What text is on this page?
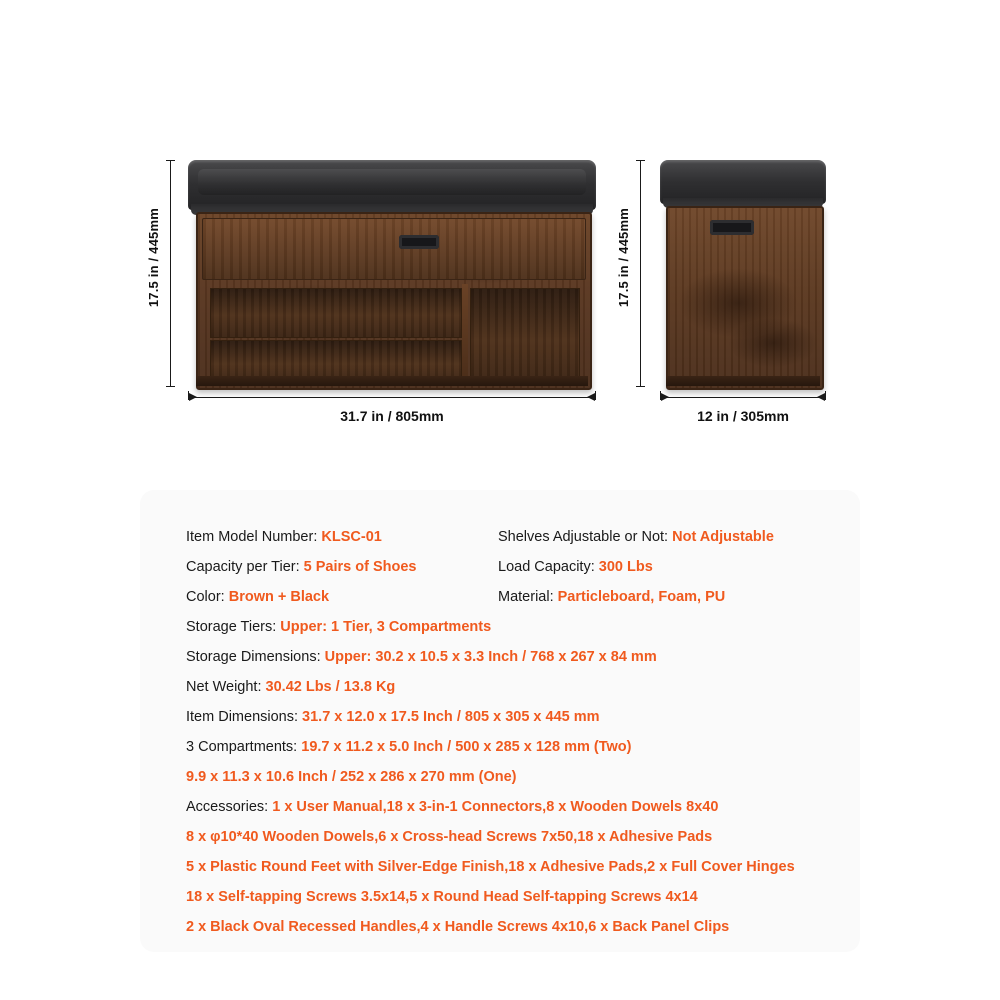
17.5 in / 445mm
31.7 in / 805mm
17.5 in / 445mm
12 in / 305mm
Item Model Number: KLSC-01	Shelves Adjustable or Not: Not Adjustable
Capacity per Tier: 5 Pairs of Shoes	Load Capacity: 300 Lbs
Color: Brown + Black	Material: Particleboard, Foam, PU
Storage Tiers: Upper: 1 Tier, 3 Compartments
Storage Dimensions: Upper: 30.2 x 10.5 x 3.3 Inch / 768 x 267 x 84 mm
Net Weight: 30.42 Lbs / 13.8 Kg
Item Dimensions: 31.7 x 12.0 x 17.5 Inch / 805 x 305 x 445 mm
3 Compartments: 19.7 x 11.2 x 5.0 Inch / 500 x 285 x 128 mm (Two)
9.9 x 11.3 x 10.6 Inch / 252 x 286 x 270 mm (One)
Accessories: 1 x User Manual,18 x 3-in-1 Connectors,8 x Wooden Dowels 8x40
8 x φ10*40 Wooden Dowels,6 x Cross-head Screws 7x50,18 x Adhesive Pads
5 x Plastic Round Feet with Silver-Edge Finish,18 x Adhesive Pads,2 x Full Cover Hinges
18 x Self-tapping Screws 3.5x14,5 x Round Head Self-tapping Screws 4x14
2 x Black Oval Recessed Handles,4 x Handle Screws 4x10,6 x Back Panel Clips
